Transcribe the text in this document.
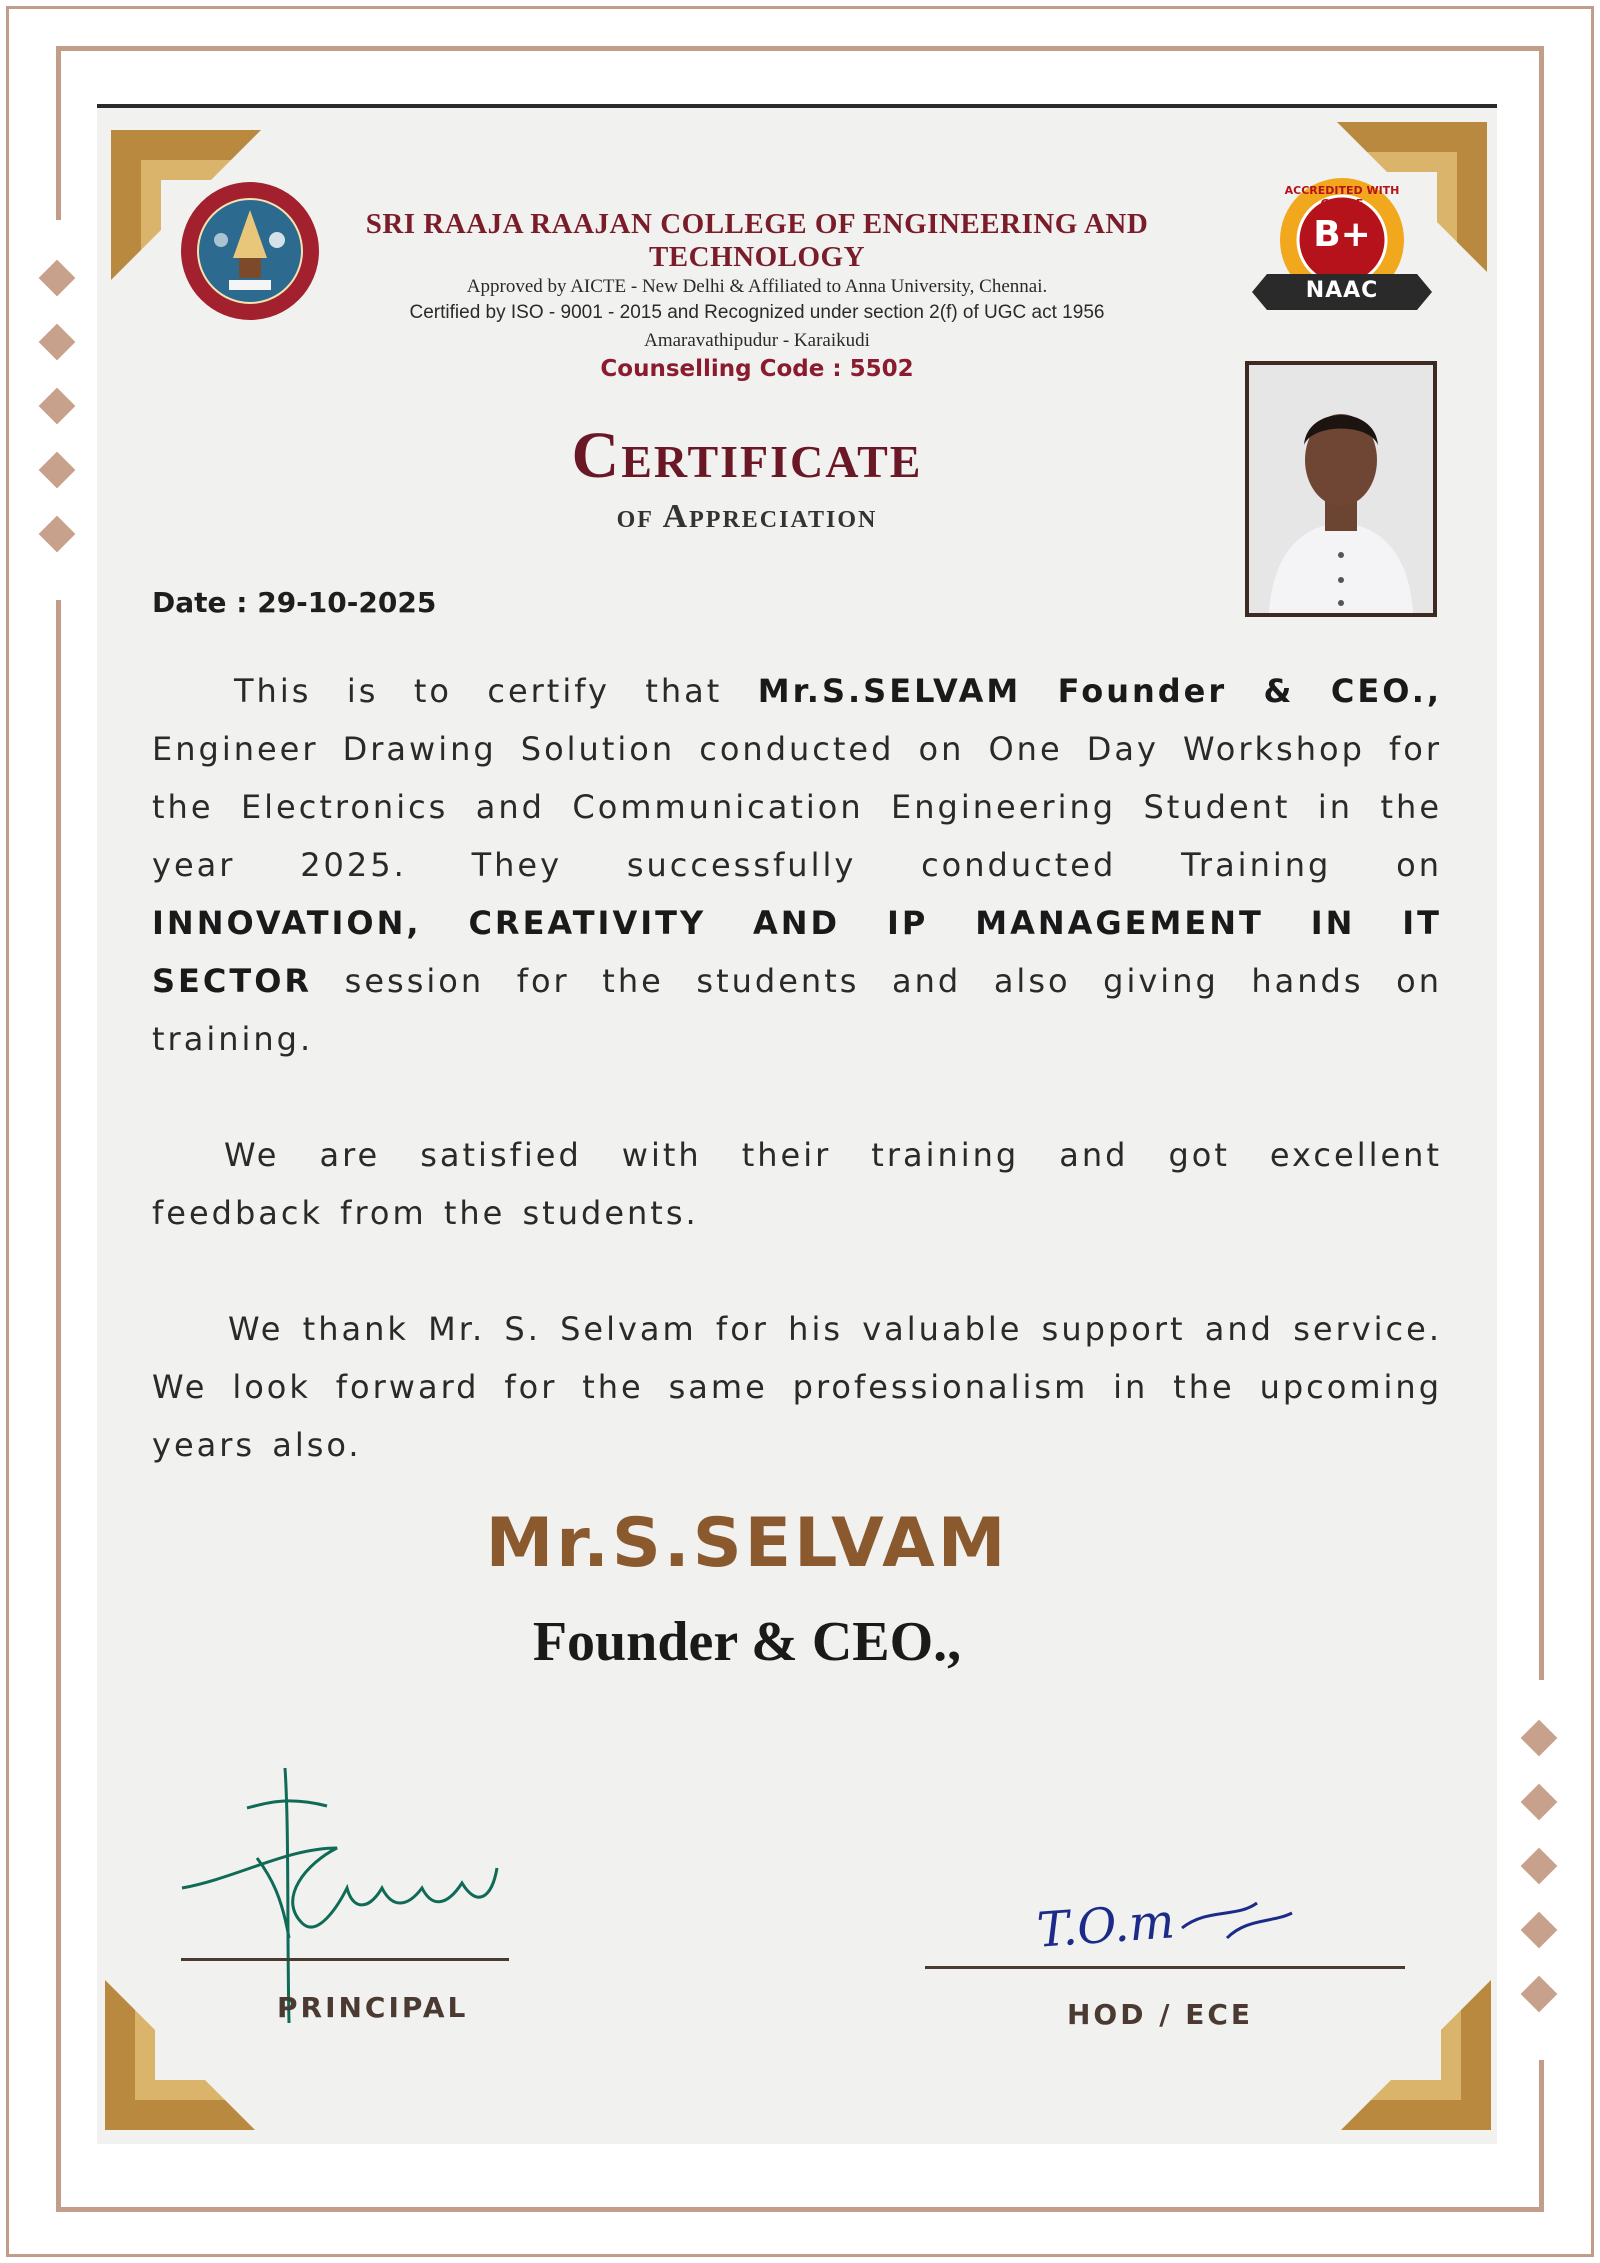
SRI RAAJA RAAJAN COLLEGE OF ENGINEERING AND TECHNOLOGY
Approved by AICTE - New Delhi & Affiliated to Anna University, Chennai.
Certified by ISO - 9001 - 2015 and Recognized under section 2(f) of UGC act 1956
Amaravathipudur - Karaikudi
Counselling Code : 5502
ACCREDITED WITH GRADE
B+
NAAC
Certificate
of Appreciation
Date : 29-10-2025
This is to certify that Mr.S.SELVAM Founder & CEO., Engineer Drawing Solution conducted on One Day Workshop for the Electronics and Communication Engineering Student in the year 2025. They successfully conducted Training on INNOVATION, CREATIVITY AND IP MANAGEMENT IN IT SECTOR session for the students and also giving hands on training.
We are satisfied with their training and got excellent feedback from the students.
We thank Mr. S. Selvam for his valuable support and service. We look forward for the same professionalism in the upcoming years also.
Mr.S.SELVAM
Founder & CEO.,
PRINCIPAL
T.O.m
HOD / ECE
